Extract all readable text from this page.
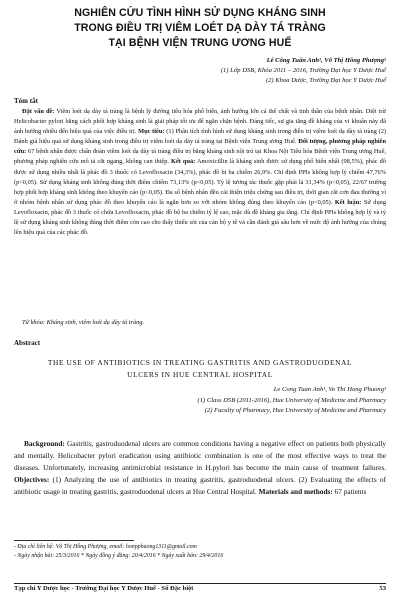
NGHIÊN CỨU TÌNH HÌNH SỬ DỤNG KHÁNG SINH
TRONG ĐIỀU TRỊ VIÊM LOÉT DẠ DÀY TÁ TRÀNG
TẠI BỆNH VIỆN TRUNG ƯƠNG HUẾ
Lê Công Tuấn Anh¹, Võ Thị Hồng Phượng²
(1) Lớp DSB, Khóa 2011 – 2016, Trường Đại học Y Dược Huế
(2) Khoa Dược, Trường Đại học Y Dược Huế
Tóm tắt
Đặt vấn đề: Viêm loét dạ dày tá tràng là bệnh lý đường tiêu hóa phổ biến, ảnh hưởng lớn cả thể chất và tinh thần của bệnh nhân. Diệt trừ Helicobacter pylori bằng cách phối hợp kháng sinh là giải pháp tốt ưu để ngăn chặn bệnh. Đáng tiếc, sự gia tăng đề kháng của vi khuẩn này đã ảnh hưởng nhiều đến hiệu quả của việc điều trị. Mục tiêu: (1) Phân tích tình hình sử dụng kháng sinh trong điều trị viêm loét dạ dày tá tràng (2) Đánh giá hiệu quả sử dụng kháng sinh trong điều trị viêm loét dạ dày tá tràng tại Bệnh viện Trung ương Huế. Đối tượng, phương pháp nghiên cứu: 67 bệnh nhân được chẩn đoán viêm loét dạ dày tá tràng điều trị bằng kháng sinh nội trú tại Khoa Nội Tiêu hóa Bệnh viện Trung ương Huế, phương pháp nghiên cứu mô tả cắt ngang, không can thiệp. Kết quả: Amoxicillin là kháng sinh được sử dụng phổ biến nhất (98,5%), phác đồ được sử dụng nhiều nhất là phác đồ 3 thuốc có Levofloxacin (34,3%), phác đồ bị ba chiếm 26,9%. Chỉ định PPIs không hợp lý chiếm 47,76% (p<0,05). Sử dụng kháng sinh không đúng thời điểm chiếm 73,13% (p<0,05). Tỷ lệ tương tác thuốc gặp phải là 31,34% (p<0,05), 22/67 trường hợp phối hợp kháng sinh không theo khuyến cáo (p<0,05). Đa số bệnh nhân đều cải thiện triệu chứng sau điều trị, thời gian cắt cơn đau thường vì ở nhóm bệnh nhân sử dụng phác đồ theo khuyến cáo là ngắn hơn so với nhóm không đúng theo khuyến cáo (p<0,05). Kết luận: Sử dụng Levofloxacin, phác đồ 3 thuốc có chứa Levofloxacin, phác đồ bộ ba chiếm tỷ lệ cao, mặc dù đề kháng gia tăng. Chỉ định PPIs không hợp lý và tỷ lệ sử dụng kháng sinh không đúng thời điểm còn cao cho thấy thiếu sót của cán bộ y tế và cần đánh giá sâu hơn về mức độ ảnh hưởng của chúng lên hiệu quả của các phác đồ.
Từ khóa: Kháng sinh, viêm loét dạ dày tá tràng.
Abstract
THE USE OF ANTIBIOTICS IN TREATING GASTRITIS AND GASTRODUODENAL
ULCERS IN HUE CENTRAL HOSPITAL
Le Cong Tuan Anh¹, Vo Thi Hong Phuong²
(1) Class D5B (2011-2016), Hue University of Medicine and Pharmacy
(2) Faculty of Pharmacy, Hue University of Medicine and Pharmacy
Background: Gastritis, gastroduodenal ulcers are common conditions having a negative effect on patients both physically and mentally. Helicobacter pylori eradication using antibiotic combination is one of the most effective ways to treat the diseases. Unfortunately, increasing antimicrobial resistance in H.pylori has become the main cause of treatment failures. Objectives: (1) Analyzing the use of antibiotics in treating gastritis, gastroduodenal ulcers. (2) Evaluating the effects of antibiotic usage in treating gastritis, gastroduodenal ulcers at Hue Central Hospital. Materials and methods: 67 patients
- Địa chỉ liên hệ: Võ Thị Hồng Phượng, email: honpphuong1311@gmail.com
- Ngày nhận bài: 25/3/2016 * Ngày đồng ý đăng: 20/4/2016 * Ngày xuất bản: 29/4/2016
Tạp chí Y Dược học - Trường Đại học Y Dược Huế - Số Đặc biệt	53
